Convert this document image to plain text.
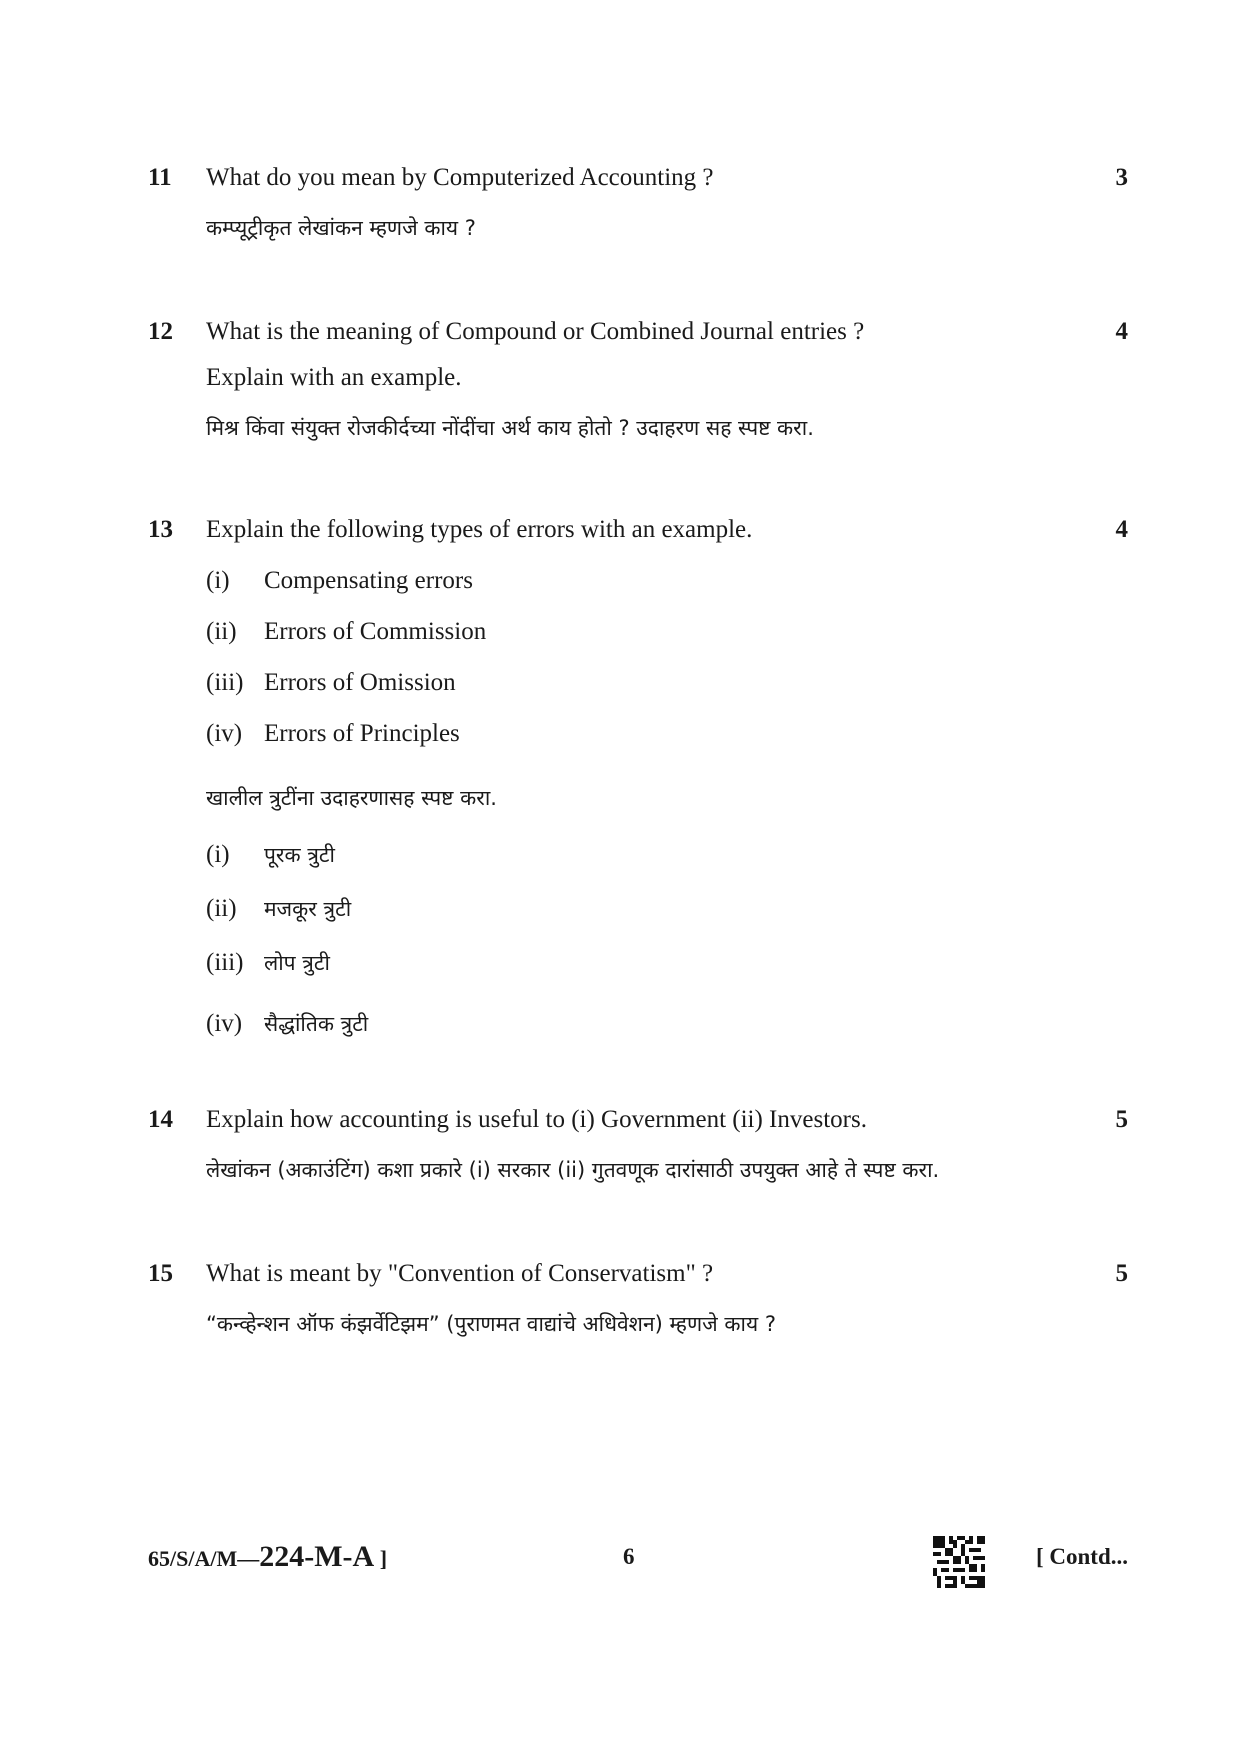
11 What do you mean by Computerized Accounting ?
कम्प्यूट्रीकृत लेखांकन म्हणजे काय ?
3
12 What is the meaning of Compound or Combined Journal entries ?
Explain with an example.
मिश्र किंवा संयुक्त रोजकीर्दच्या नोंदींचा अर्थ काय होतो ? उदाहरण सह स्पष्ट करा.
4
13 Explain the following types of errors with an example.	4
(i) Compensating errors
(ii) Errors of Commission
(iii) Errors of Omission
(iv) Errors of Principles
खालील त्रुटींना उदाहरणासह स्पष्ट करा.
(i) पूरक त्रुटी
(ii) मजकूर त्रुटी
(iii) लोप त्रुटी
(iv) सैद्धांतिक त्रुटी
14 Explain how accounting is useful to (i) Government (ii) Investors.
लेखांकन (अकाउंटिंग) कशा प्रकारे (i) सरकार (ii) गुतवणूक दारांसाठी उपयुक्त आहे ते स्पष्ट करा.
5
15 What is meant by "Convention of Conservatism" ?
“कन्व्हेन्शन ऑफ कंझर्वेटिझम” (पुराणमत वाद्यांचे अधिवेशन) म्हणजे काय ?
5
65/S/A/M—224-M-A ]	6	[ Contd...
